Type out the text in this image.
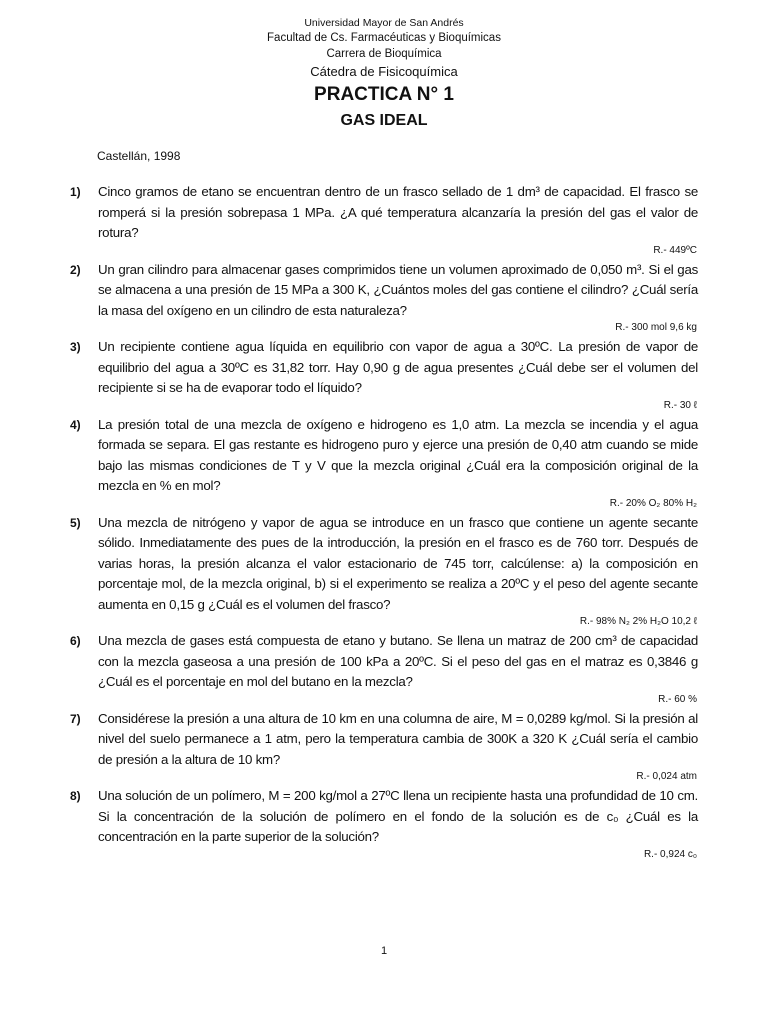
Universidad Mayor de San Andrés
Facultad de Cs. Farmacéuticas y Bioquímicas
Carrera de Bioquímica
Cátedra de Fisicoquímica
PRACTICA N° 1
GAS IDEAL
Castellán, 1998
1) Cinco gramos de etano se encuentran dentro de un frasco sellado de 1 dm³ de capacidad. El frasco se romperá si la presión sobrepasa 1 MPa. ¿A qué temperatura alcanzaría la presión del gas el valor de rotura?
R.- 449ºC
2) Un gran cilindro para almacenar gases comprimidos tiene un volumen aproximado de 0,050 m³. Si el gas se almacena a una presión de 15 MPa a 300 K, ¿Cuántos moles del gas contiene el cilindro? ¿Cuál sería la masa del oxígeno en un cilindro de esta naturaleza?
R.- 300 mol 9,6 kg
3) Un recipiente contiene agua líquida en equilibrio con vapor de agua a 30ºC. La presión de vapor de equilibrio del agua a 30ºC es 31,82 torr. Hay 0,90 g de agua presentes ¿Cuál debe ser el volumen del recipiente si se ha de evaporar todo el líquido?
R.- 30 ℓ
4) La presión total de una mezcla de oxígeno e hidrogeno es 1,0 atm. La mezcla se incendia y el agua formada se separa. El gas restante es hidrogeno puro y ejerce una presión de 0,40 atm cuando se mide bajo las mismas condiciones de T y V que la mezcla original ¿Cuál era la composición original de la mezcla en % en mol?
R.- 20% O₂ 80% H₂
5) Una mezcla de nitrógeno y vapor de agua se introduce en un frasco que contiene un agente secante sólido. Inmediatamente des pues de la introducción, la presión en el frasco es de 760 torr. Después de varias horas, la presión alcanza el valor estacionario de 745 torr, calcúlense: a) la composición en porcentaje mol, de la mezcla original, b) si el experimento se realiza a 20ºC y el peso del agente secante aumenta en 0,15 g ¿Cuál es el volumen del frasco?
R.- 98% N₂ 2% H₂O 10,2 ℓ
6) Una mezcla de gases está compuesta de etano y butano. Se llena un matraz de 200 cm³ de capacidad con la mezcla gaseosa a una presión de 100 kPa a 20ºC. Si el peso del gas en el matraz es 0,3846 g ¿Cuál es el porcentaje en mol del butano en la mezcla?
R.- 60 %
7) Considérese la presión a una altura de 10 km en una columna de aire, M = 0,0289 kg/mol. Si la presión al nivel del suelo permanece a 1 atm, pero la temperatura cambia de 300K a 320 K ¿Cuál sería el cambio de presión a la altura de 10 km?
R.- 0,024 atm
8) Una solución de un polímero, M = 200 kg/mol a 27ºC llena un recipiente hasta una profundidad de 10 cm. Si la concentración de la solución de polímero en el fondo de la solución es de c₀ ¿Cuál es la concentración en la parte superior de la solución?
R.- 0,924 c₀
1
